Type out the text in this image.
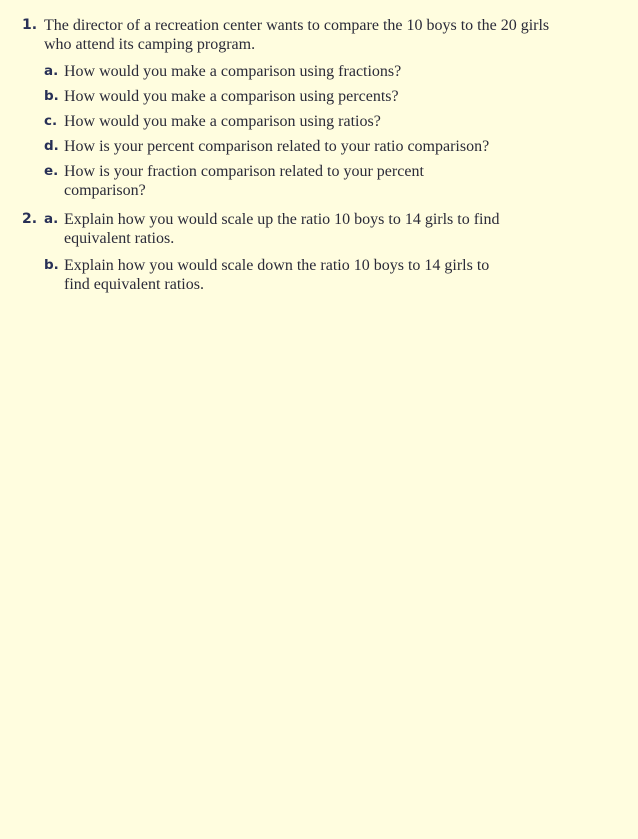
1. The director of a recreation center wants to compare the 10 boys to the 20 girls who attend its camping program.
a. How would you make a comparison using fractions?
b. How would you make a comparison using percents?
c. How would you make a comparison using ratios?
d. How is your percent comparison related to your ratio comparison?
e. How is your fraction comparison related to your percent comparison?
2. a. Explain how you would scale up the ratio 10 boys to 14 girls to find equivalent ratios.
b. Explain how you would scale down the ratio 10 boys to 14 girls to find equivalent ratios.
